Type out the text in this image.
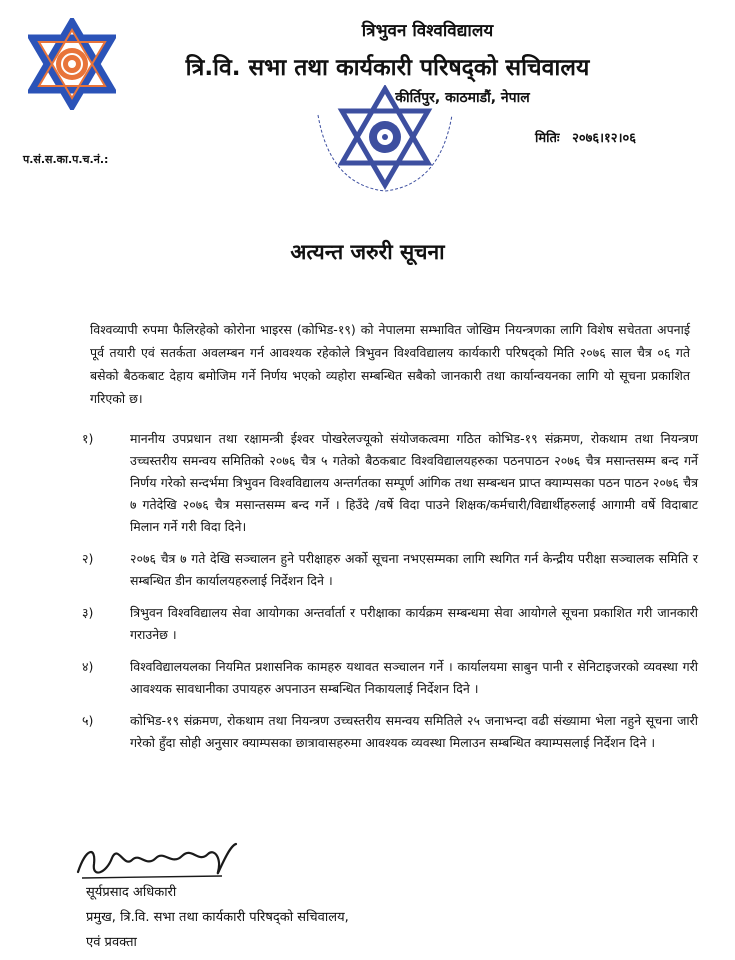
त्रिभुवन विश्वविद्यालय
त्रि.वि. सभा तथा कार्यकारी परिषद्को सचिवालय
कीर्तिपुर, काठमाडौं, नेपाल
प.सं.स.का.प.च.नं.:
मितिः २०७६।१२।०६
अत्यन्त जरुरी सूचना

विश्वव्यापी रुपमा फैलिरहेको कोरोना भाइरस (कोभिड-१९) को नेपालमा सम्भावित जोखिम नियन्त्रणका लागि विशेष सचेतता अपनाई पूर्व तयारी एवं सतर्कता अवलम्बन गर्न आवश्यक रहेकोले त्रिभुवन विश्वविद्यालय कार्यकारी परिषद्को मिति २०७६ साल चैत्र ०६ गते बसेको बैठकबाट देहाय बमोजिम गर्ने निर्णय भएको व्यहोरा सम्बन्धित सबैको जानकारी तथा कार्यान्वयनका लागि यो सूचना प्रकाशित गरिएको छ।

१)	माननीय उपप्रधान तथा रक्षामन्त्री ईश्वर पोखरेलज्यूको संयोजकत्वमा गठित कोभिड-१९ संक्रमण, रोकथाम तथा नियन्त्रण उच्चस्तरीय समन्वय समितिको २०७६ चैत्र ५ गतेको बैठकबाट विश्वविद्यालयहरुका पठनपाठन २०७६ चैत्र मसान्तसम्म बन्द गर्ने निर्णय गरेको सन्दर्भमा त्रिभुवन विश्वविद्यालय अन्तर्गतका सम्पूर्ण आंगिक तथा सम्बन्धन प्राप्त क्याम्पसका पठन पाठन २०७६ चैत्र ७ गतेदेखि २०७६ चैत्र मसान्तसम्म बन्द गर्ने । हिउँदे /वर्षे विदा पाउने शिक्षक/कर्मचारी/विद्यार्थीहरुलाई आगामी वर्षे विदाबाट मिलान गर्ने गरी विदा दिने।
२)	२०७६ चैत्र ७ गते देखि सञ्चालन हुने परीक्षाहरु अर्को सूचना नभएसम्मका लागि स्थगित गर्न केन्द्रीय परीक्षा सञ्चालक समिति र सम्बन्धित डीन कार्यालयहरुलाई निर्देशन दिने ।
३)	त्रिभुवन विश्वविद्यालय सेवा आयोगका अन्तर्वार्ता र परीक्षाका कार्यक्रम सम्बन्धमा सेवा आयोगले सूचना प्रकाशित गरी जानकारी गराउनेछ ।
४)	विश्वविद्यालयलका नियमित प्रशासनिक कामहरु यथावत सञ्चालन गर्ने । कार्यालयमा साबुन पानी र सेनिटाइजरको व्यवस्था गरी आवश्यक सावधानीका उपायहरु अपनाउन सम्बन्धित निकायलाई निर्देशन दिने ।
५)	कोभिड-१९ संक्रमण, रोकथाम तथा नियन्त्रण उच्चस्तरीय समन्वय समितिले २५ जनाभन्दा वढी संख्यामा भेला नहुने सूचना जारी गरेको हुँदा सोही अनुसार क्याम्पसका छात्रावासहरुमा आवश्यक व्यवस्था मिलाउन सम्बन्धित क्याम्पसलाई निर्देशन दिने ।
सूर्यप्रसाद अधिकारी
प्रमुख, त्रि.वि. सभा तथा कार्यकारी परिषद्को सचिवालय,
एवं प्रवक्ता
